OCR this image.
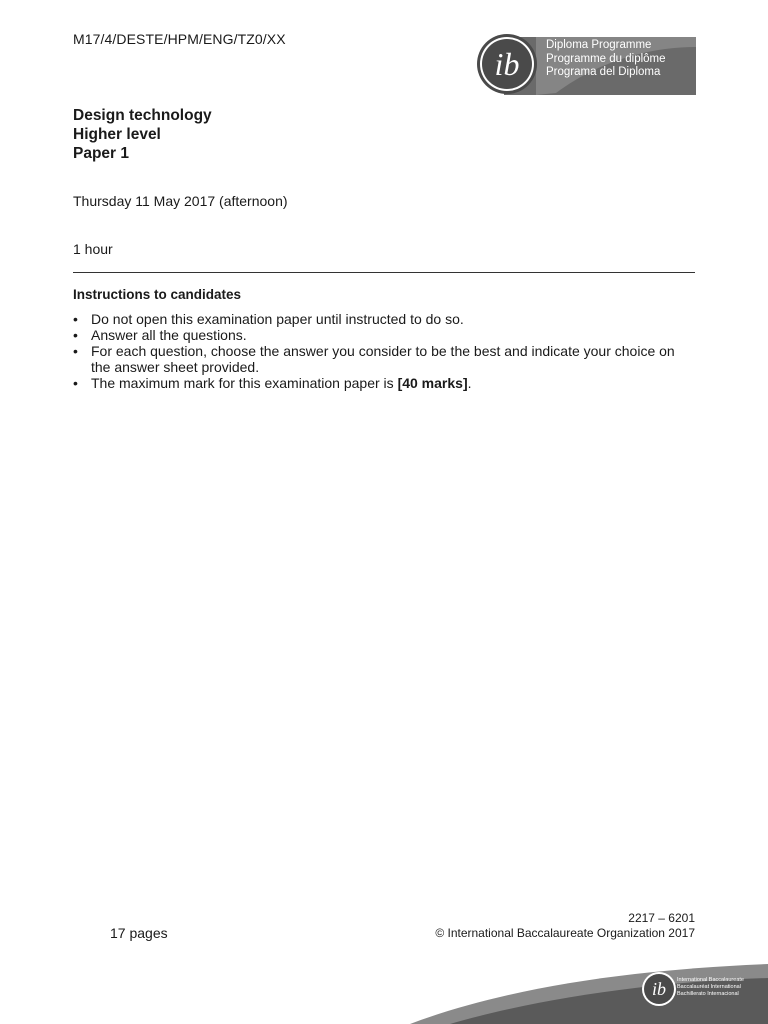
M17/4/DESTE/HPM/ENG/TZ0/XX
ib
Diploma Programme
Programme du diplôme
Programa del Diploma
Design technology
Higher level
Paper 1
Thursday 11 May 2017 (afternoon)
1 hour
Instructions to candidates
• Do not open this examination paper until instructed to do so.
• Answer all the questions.
• For each question, choose the answer you consider to be the best and indicate your choice on the answer sheet provided.
• The maximum mark for this examination paper is [40 marks].
17 pages
2217 – 6201
© International Baccalaureate Organization 2017
ib International Baccalaureate
Baccalauréat International
Bachillerato Internacional
